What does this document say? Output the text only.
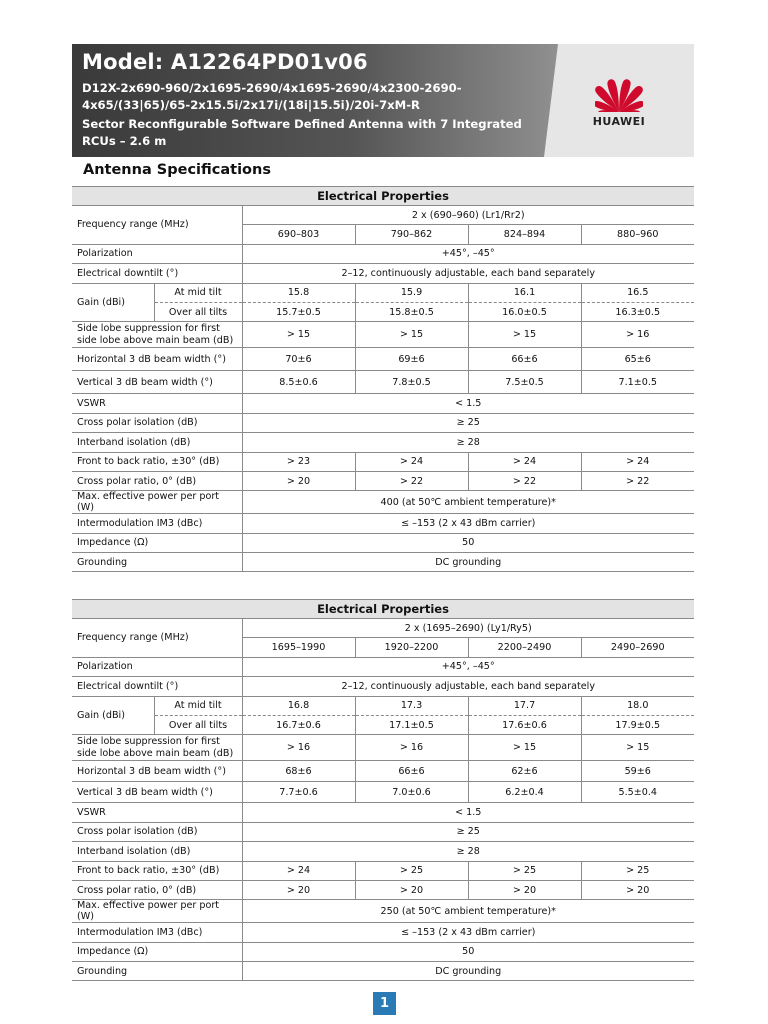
Model: A12264PD01v06
D12X-2x690-960/2x1695-2690/4x1695-2690/4x2300-2690-
4x65/(33|65)/65-2x15.5i/2x17i/(18i|15.5i)/20i-7xM-R
Sector Reconfigurable Software Defined Antenna with 7 Integrated
RCUs – 2.6 m
HUAWEI
Antenna Specifications
Electrical Properties					
Frequency range (MHz)		2 x (690–960) (Lr1/Rr2)			
		690–803	790–862	824–894	880–960
Polarization		+45°, –45°			
Electrical downtilt (°)		2–12, continuously adjustable, each band separately			
Gain (dBi)	At mid tilt	15.8	15.9	16.1	16.5
	Over all tilts	15.7±0.5	15.8±0.5	16.0±0.5	16.3±0.5
Side lobe suppression for first side lobe above main beam (dB)		> 15	> 15	> 15	> 16
Horizontal 3 dB beam width (°)		70±6	69±6	66±6	65±6
Vertical 3 dB beam width (°)		8.5±0.6	7.8±0.5	7.5±0.5	7.1±0.5
VSWR		< 1.5			
Cross polar isolation (dB)		≥ 25			
Interband isolation (dB)		≥ 28			
Front to back ratio, ±30° (dB)		> 23	> 24	> 24	> 24
Cross polar ratio, 0° (dB)		> 20	> 22	> 22	> 22
Max. effective power per port (W)		400 (at 50℃ ambient temperature)*			
Intermodulation IM3 (dBc)		≤ –153 (2 x 43 dBm carrier)			
Impedance (Ω)		50			
Grounding		DC grounding			
Electrical Properties					
Frequency range (MHz)		2 x (1695–2690) (Ly1/Ry5)			
		1695–1990	1920–2200	2200–2490	2490–2690
Polarization		+45°, –45°			
Electrical downtilt (°)		2–12, continuously adjustable, each band separately			
Gain (dBi)	At mid tilt	16.8	17.3	17.7	18.0
	Over all tilts	16.7±0.6	17.1±0.5	17.6±0.6	17.9±0.5
Side lobe suppression for first side lobe above main beam (dB)		> 16	> 16	> 15	> 15
Horizontal 3 dB beam width (°)		68±6	66±6	62±6	59±6
Vertical 3 dB beam width (°)		7.7±0.6	7.0±0.6	6.2±0.4	5.5±0.4
VSWR		< 1.5			
Cross polar isolation (dB)		≥ 25			
Interband isolation (dB)		≥ 28			
Front to back ratio, ±30° (dB)		> 24	> 25	> 25	> 25
Cross polar ratio, 0° (dB)		> 20	> 20	> 20	> 20
Max. effective power per port (W)		250 (at 50℃ ambient temperature)*			
Intermodulation IM3 (dBc)		≤ –153 (2 x 43 dBm carrier)			
Impedance (Ω)		50			
Grounding		DC grounding			
1
